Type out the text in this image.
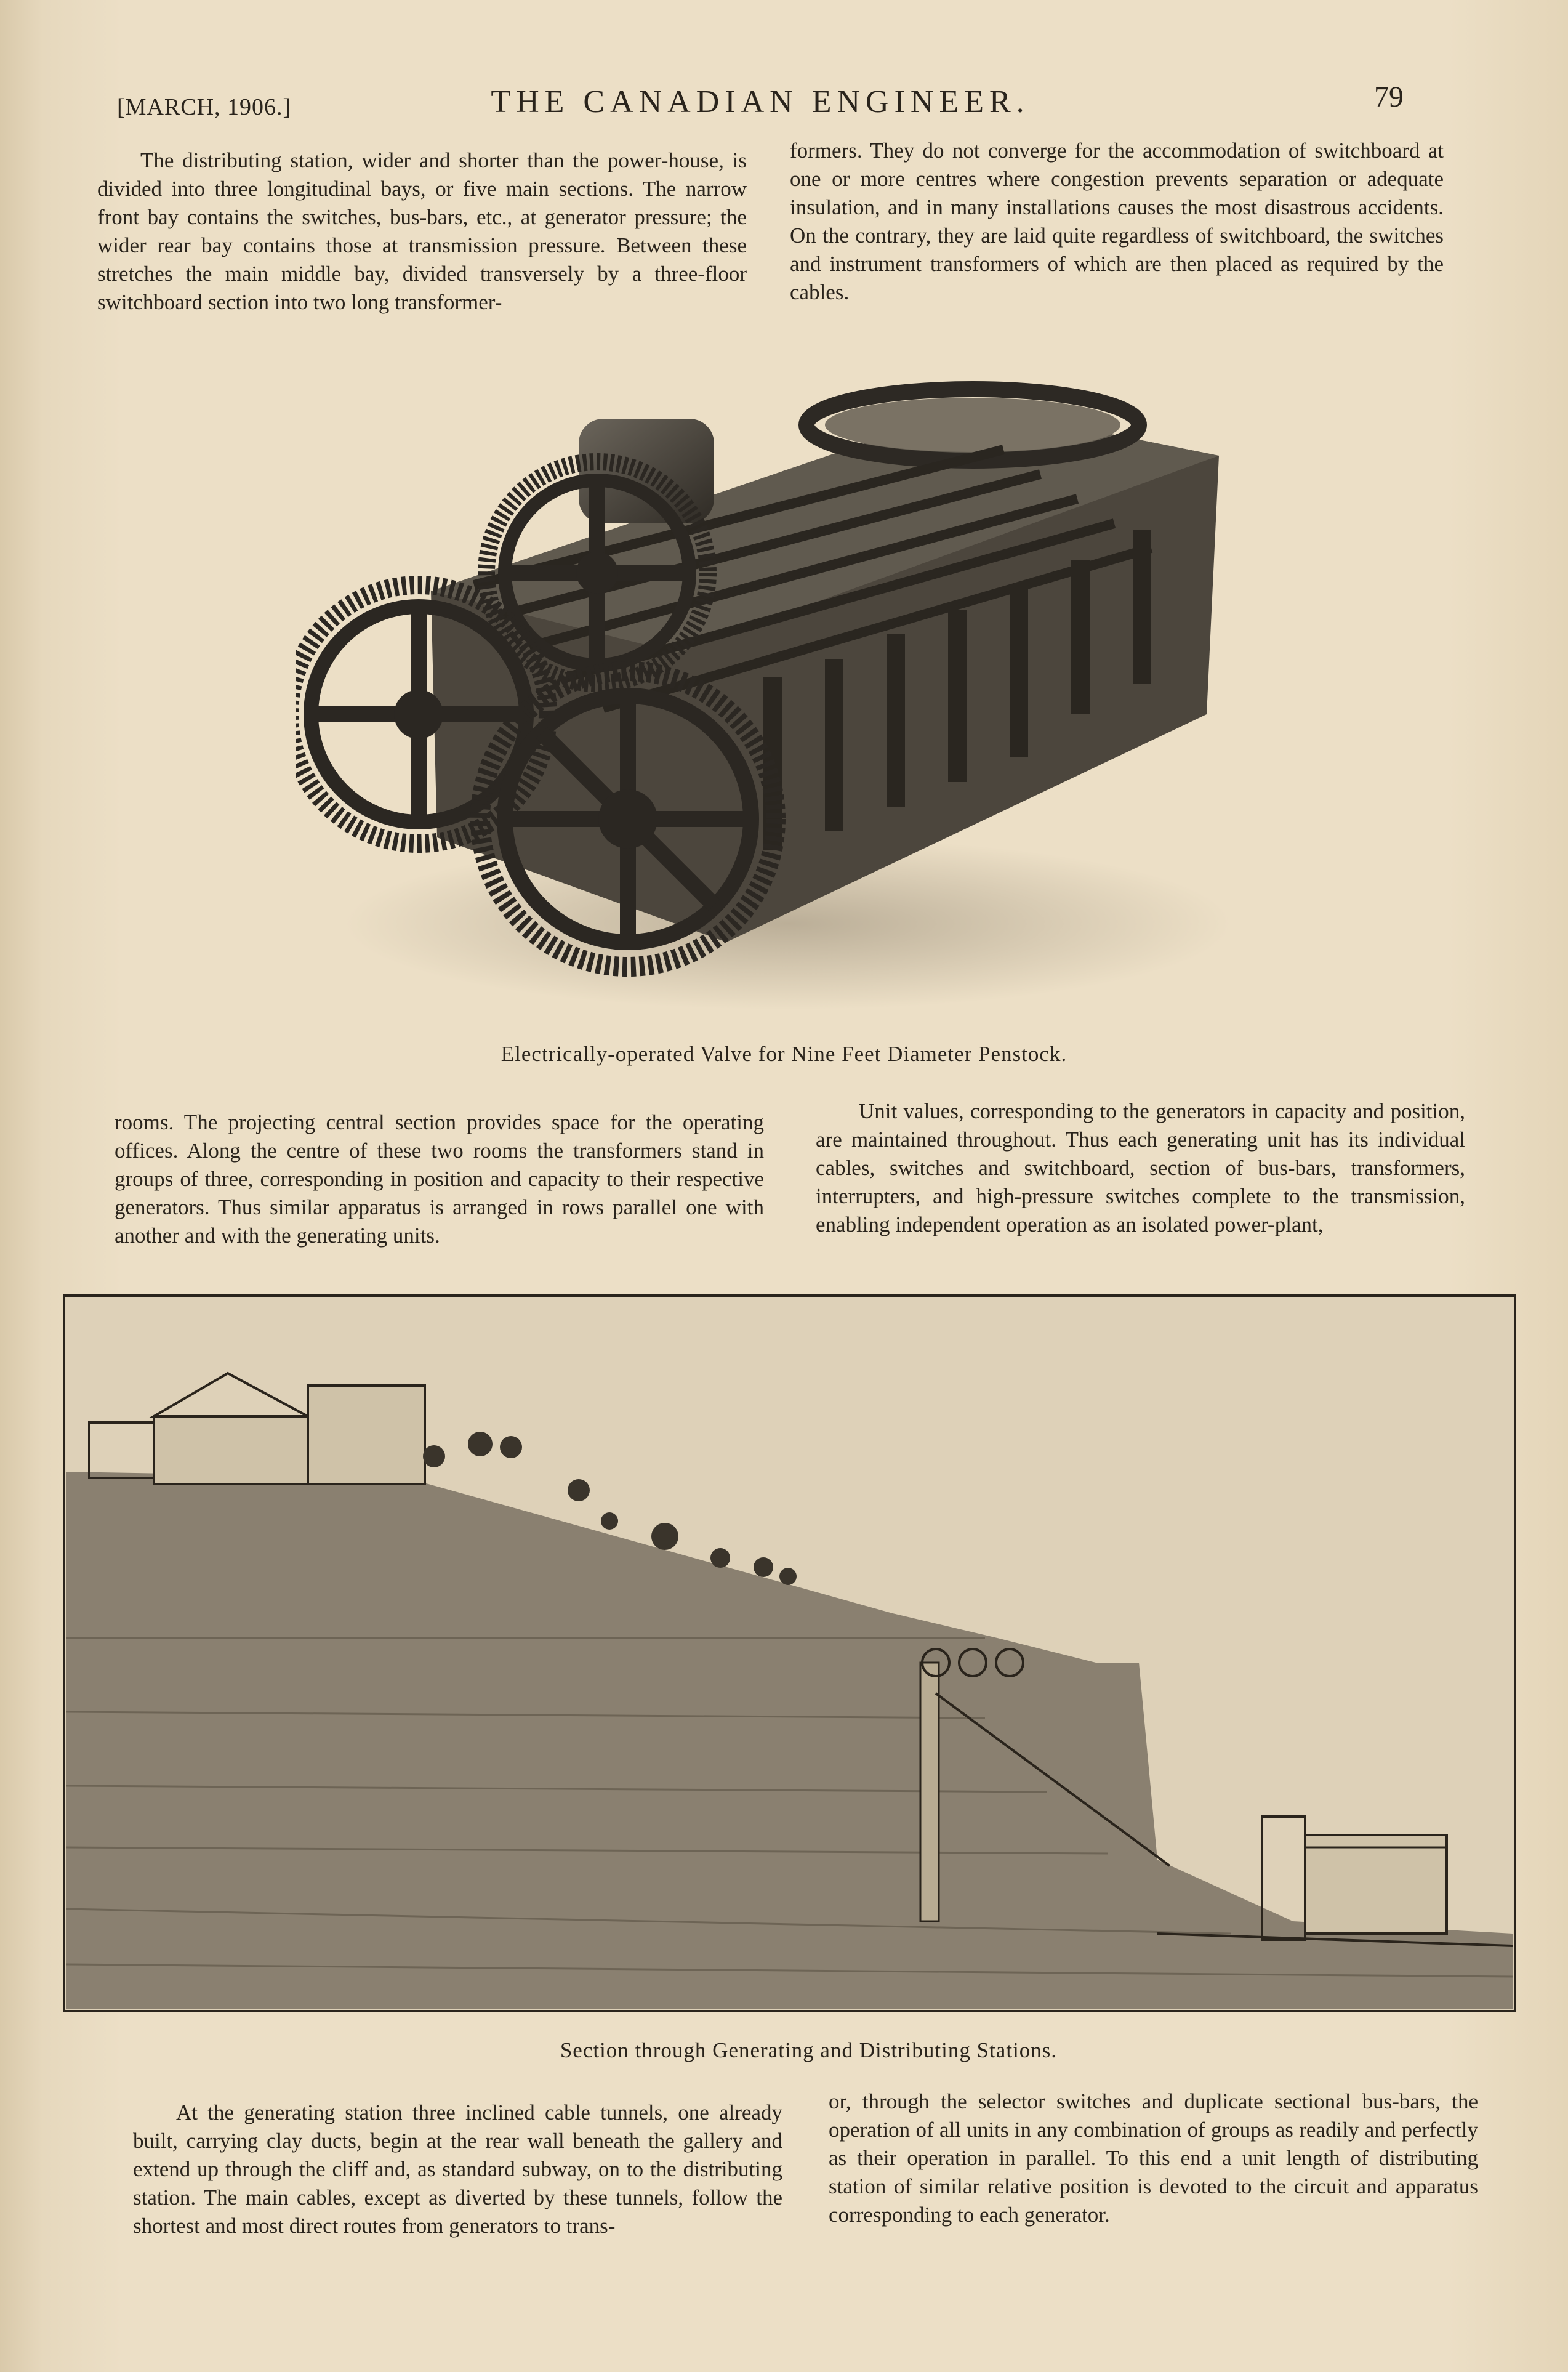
[MARCH, 1906.]	THE CANADIAN ENGINEER.	79

The distributing station, wider and shorter than the power-house, is divided into three longitudinal bays, or five main sections. The narrow front bay contains the switches, bus-bars, etc., at generator pressure; the wider rear bay contains those at transmission pressure. Between these stretches the main middle bay, divided transversely by a three-floor switchboard section into two long transformer-

formers. They do not converge for the accommodation of switchboard at one or more centres where congestion prevents separation or adequate insulation, and in many installations causes the most disastrous accidents. On the contrary, they are laid quite regardless of switchboard, the switches and instrument transformers of which are then placed as required by the cables.

Electrically-operated Valve for Nine Feet Diameter Penstock.

rooms. The projecting central section provides space for the operating offices. Along the centre of these two rooms the transformers stand in groups of three, corresponding in position and capacity to their respective generators. Thus similar apparatus is arranged in rows parallel one with another and with the generating units.

Unit values, corresponding to the generators in capacity and position, are maintained throughout. Thus each generating unit has its individual cables, switches and switchboard, section of bus-bars, transformers, interrupters, and high-pressure switches complete to the transmission, enabling independent operation as an isolated power-plant,

Section through Generating and Distributing Stations.

At the generating station three inclined cable tunnels, one already built, carrying clay ducts, begin at the rear wall beneath the gallery and extend up through the cliff and, as standard subway, on to the distributing station. The main cables, except as diverted by these tunnels, follow the shortest and most direct routes from generators to trans-

or, through the selector switches and duplicate sectional bus-bars, the operation of all units in any combination of groups as readily and perfectly as their operation in parallel. To this end a unit length of distributing station of similar relative position is devoted to the circuit and apparatus corresponding to each generator.
